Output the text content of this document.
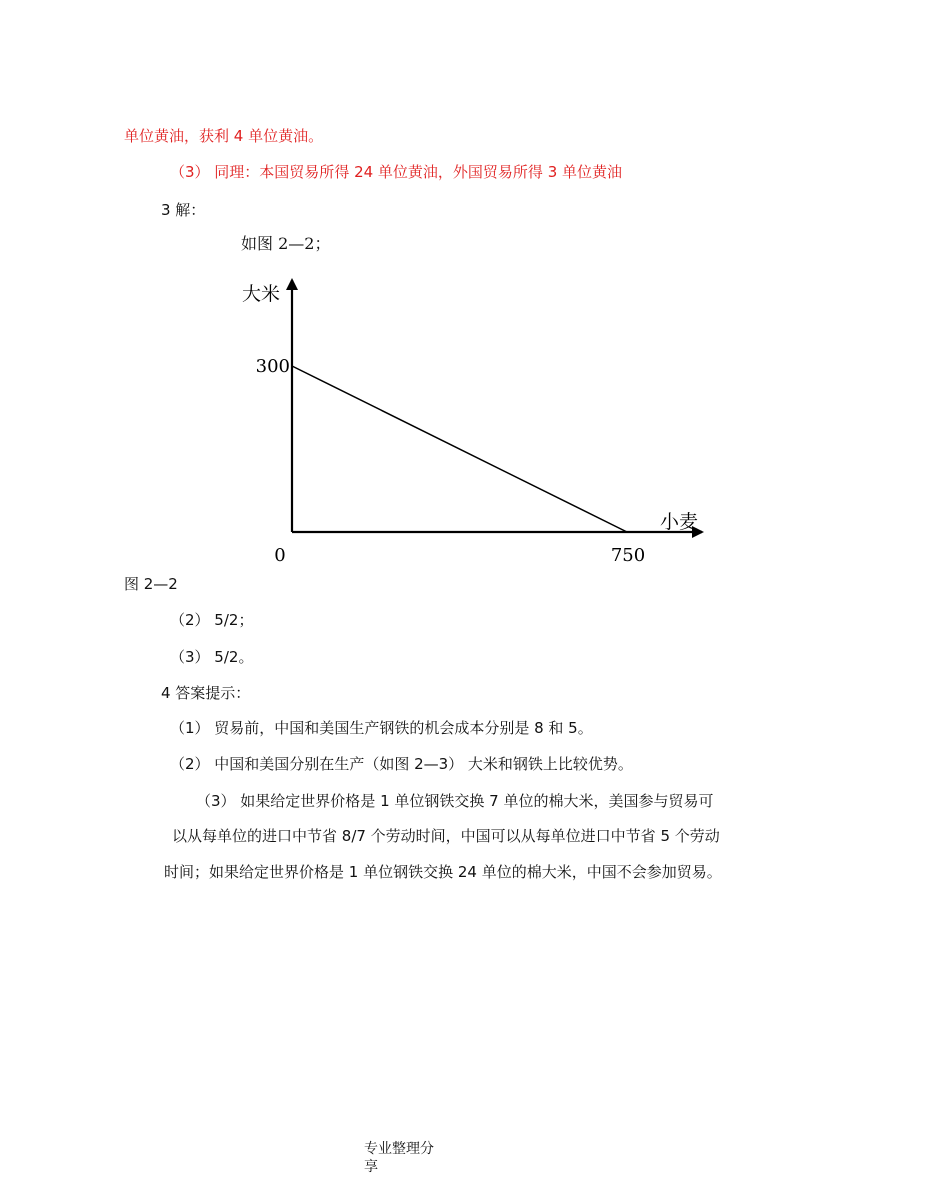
单位黄油，获利 4 单位黄油。
（3） 同理：本国贸易所得 24 单位黄油，外国贸易所得 3 单位黄油
3 解：
如图 2—2；
大米
小麦
300
0	750
图 2—2
（2） 5/2；
（3） 5/2。
4 答案提示：
（1） 贸易前，中国和美国生产钢铁的机会成本分别是 8 和 5。
（2） 中国和美国分别在生产（如图 2—3） 大米和钢铁上比较优势。
（3） 如果给定世界价格是 1 单位钢铁交换 7 单位的棉大米，美国参与贸易可
以从每单位的进口中节省 8/7 个劳动时间，中国可以从每单位进口中节省 5 个劳动
时间；如果给定世界价格是 1 单位钢铁交换 24 单位的棉大米，中国不会参加贸易。
专业整理分
享
